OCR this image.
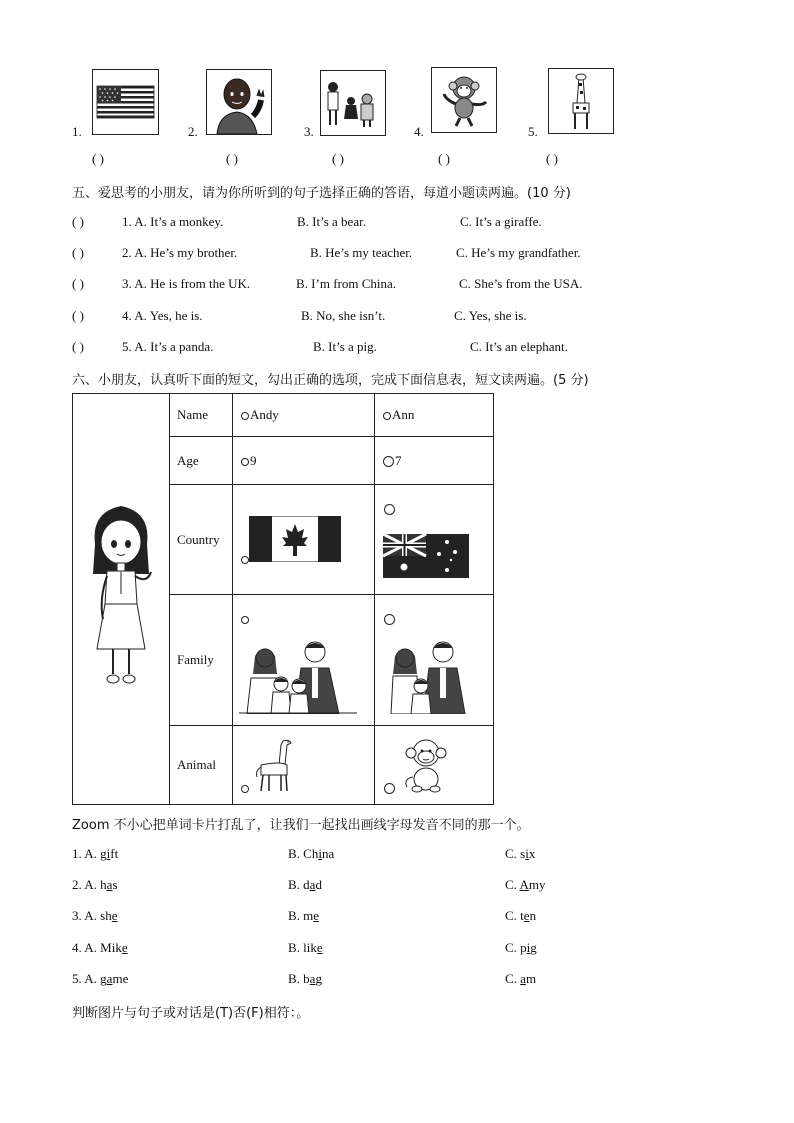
1.
( )
2.
( )
3.
( )
4.
( )
5.
( )
五、爱思考的小朋友，请为你所听到的句子选择正确的答语，每道小题读两遍。(10 分)
( )	1. A. It’s a monkey.	B. It’s a bear.	C. It’s a giraffe.
( )	2. A. He’s my brother.	B. He’s my teacher.	C. He’s my grandfather.
( )	3. A. He is from the UK.	B. I’m from China.	C. She’s from the USA.
( )	4. A. Yes, he is.	B. No, she isn’t.	C. Yes, she is.
( )	5. A. It’s a panda.	B. It’s a pig.	C. It’s an elephant.
六、小朋友，认真听下面的短文，勾出正确的选项，完成下面信息表，短文读两遍。(5 分)
	Name	Andy	Ann
	Age	9	7
	Country	

	Family	

	Animal	

Zoom 不小心把单词卡片打乱了，让我们一起找出画线字母发音不同的那一个。
1. A. gift	B. China	C. six
2. A. has	B. dad	C. Amy
3. A. she	B. me	C. ten
4. A. Mike	B. like	C. pig
5. A. game	B. bag	C. am
判断图片与句子或对话是(T)否(F)相符：。
